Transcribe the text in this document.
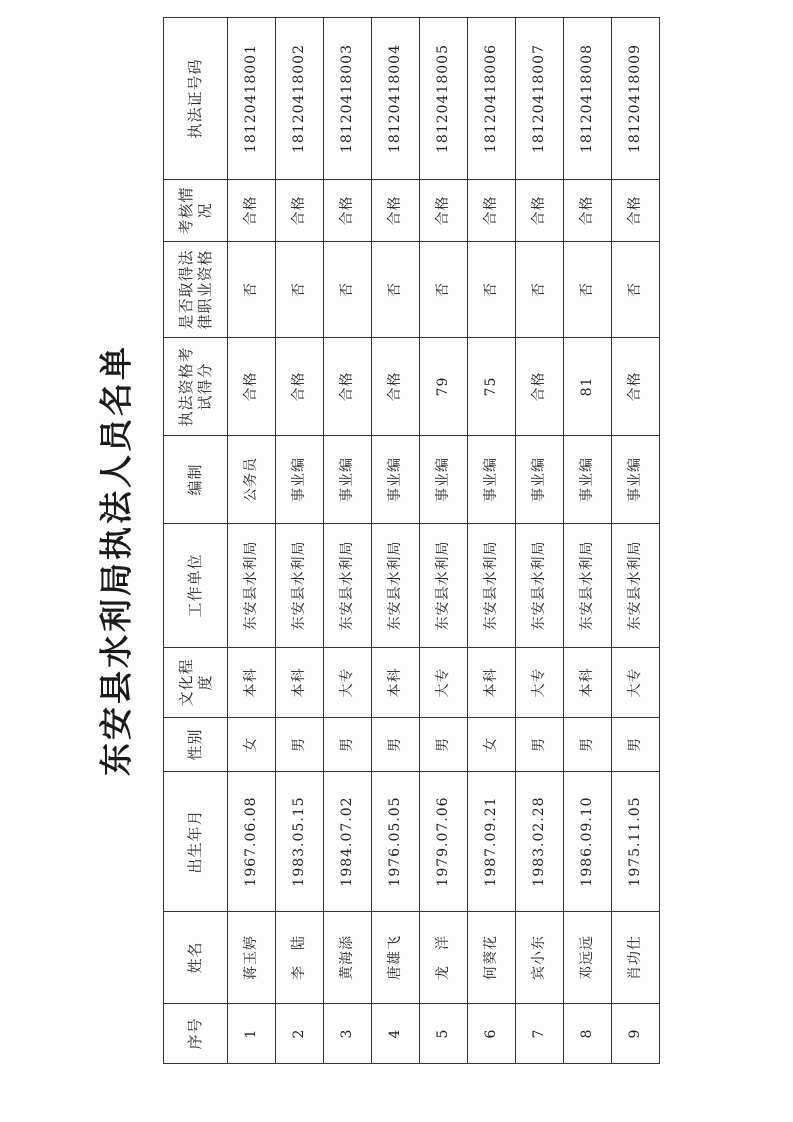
东安县水利局执法人员名单
序号	姓名	出生年月	性别	文化程度	工作单位	编制	执法资格考试得分	是否取得法律职业资格	考核情况	执法证号码
1	蒋玉婷	1967.06.08	女	本科	东安县水利局	公务员	合格	否	合格	18120418001
2	李　陆	1983.05.15	男	本科	东安县水利局	事业编	合格	否	合格	18120418002
3	黄海添	1984.07.02	男	大专	东安县水利局	事业编	合格	否	合格	18120418003
4	唐雄飞	1976.05.05	男	本科	东安县水利局	事业编	合格	否	合格	18120418004
5	龙　洋	1979.07.06	男	大专	东安县水利局	事业编	79	否	合格	18120418005
6	何葵花	1987.09.21	女	本科	东安县水利局	事业编	75	否	合格	18120418006
7	宾小东	1983.02.28	男	大专	东安县水利局	事业编	合格	否	合格	18120418007
8	邓远远	1986.09.10	男	本科	东安县水利局	事业编	81	否	合格	18120418008
9	肖功仕	1975.11.05	男	大专	东安县水利局	事业编	合格	否	合格	18120418009
